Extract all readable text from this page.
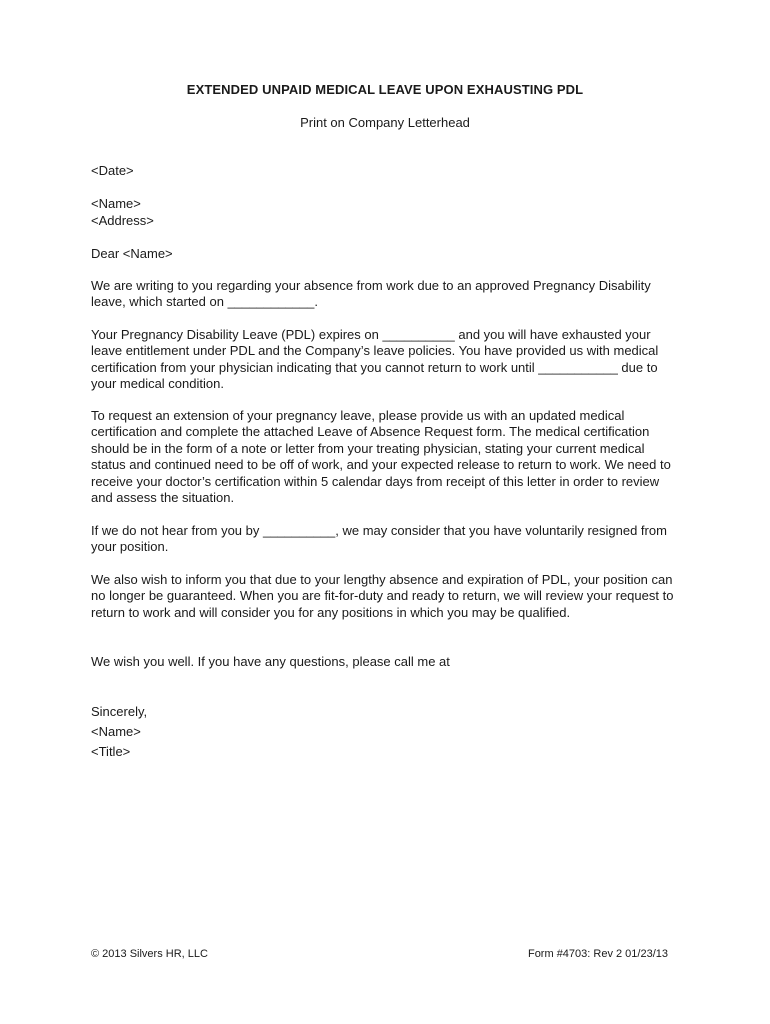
EXTENDED UNPAID MEDICAL LEAVE UPON EXHAUSTING PDL

Print on Company Letterhead

<Date>

<Name>

<Address>

Dear <Name>

We are writing to you regarding your absence from work due to an approved Pregnancy Disability leave, which started on ____________.

Your Pregnancy Disability Leave (PDL) expires on __________ and you will have exhausted your leave entitlement under PDL and the Company’s leave policies. You have provided us with medical certification from your physician indicating that you cannot return to work until ___________ due to your medical condition.

To request an extension of your pregnancy leave, please provide us with an updated medical certification and complete the attached Leave of Absence Request form. The medical certification should be in the form of a note or letter from your treating physician, stating your current medical status and continued need to be off of work, and your expected release to return to work. We need to receive your doctor’s certification within 5 calendar days from receipt of this letter in order to review and assess the situation.

If we do not hear from you by __________, we may consider that you have voluntarily resigned from your position.

We also wish to inform you that due to your lengthy absence and expiration of PDL, your position can no longer be guaranteed. When you are fit-for-duty and ready to return, we will review your request to return to work and will consider you for any positions in which you may be qualified.

We wish you well. If you have any questions, please call me at

Sincerely,

<Name>

<Title>

© 2013 Silvers HR, LLC	Form #4703: Rev 2 01/23/13
